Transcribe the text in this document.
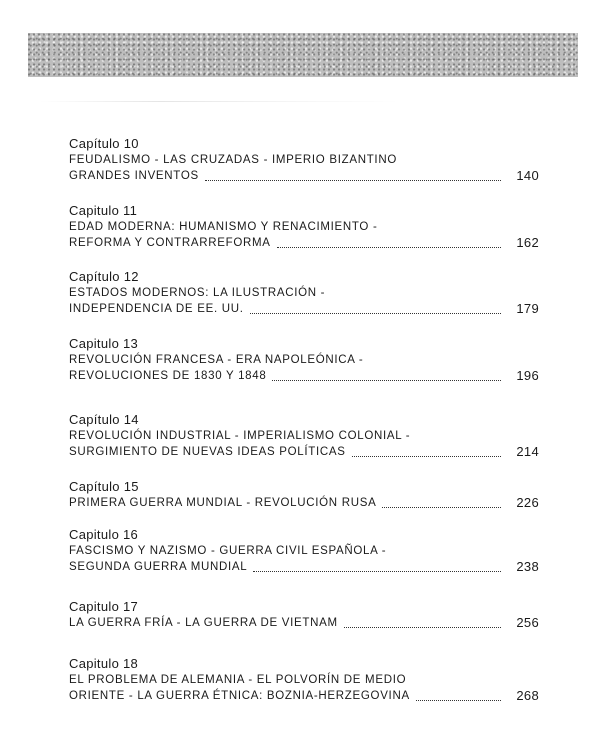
Capítulo 10
FEUDALISMO - LAS CRUZADAS - IMPERIO BIZANTINO
GRANDES INVENTOS	140
Capitulo 11
EDAD MODERNA: HUMANISMO Y RENACIMIENTO -
REFORMA Y CONTRARREFORMA	162
Capítulo 12
ESTADOS MODERNOS: LA ILUSTRACIÓN -
INDEPENDENCIA DE EE. UU.	179
Capitulo 13
REVOLUCIÓN FRANCESA - ERA NAPOLEÓNICA -
REVOLUCIONES DE 1830 Y 1848	196
Capítulo 14
REVOLUCIÓN INDUSTRIAL - IMPERIALISMO COLONIAL -
SURGIMIENTO DE NUEVAS IDEAS POLÍTICAS	214
Capítulo 15
PRIMERA GUERRA MUNDIAL - REVOLUCIÓN RUSA	226
Capitulo 16
FASCISMO Y NAZISMO - GUERRA CIVIL ESPAÑOLA -
SEGUNDA GUERRA MUNDIAL	238
Capitulo 17
LA GUERRA FRÍA - LA GUERRA DE VIETNAM	256
Capitulo 18
EL PROBLEMA DE ALEMANIA - EL POLVORÍN DE MEDIO
ORIENTE - LA GUERRA ÉTNICA: BOZNIA-HERZEGOVINA	268
